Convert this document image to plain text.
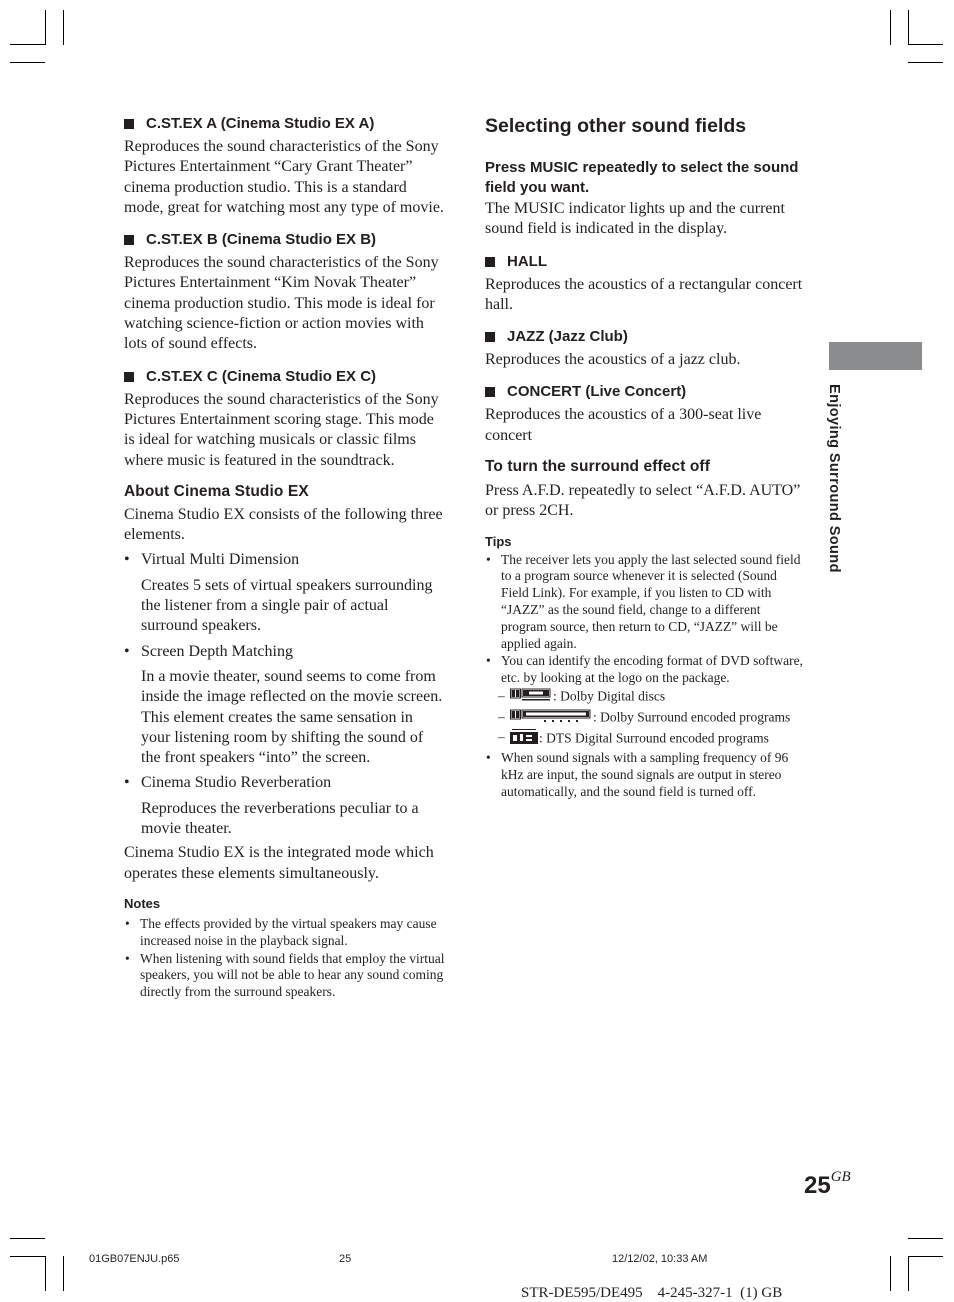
C.ST.EX A (Cinema Studio EX A)

Reproduces the sound characteristics of the Sony Pictures Entertainment “Cary Grant Theater” cinema production studio. This is a standard mode, great for watching most any type of movie.

C.ST.EX B (Cinema Studio EX B)

Reproduces the sound characteristics of the Sony Pictures Entertainment “Kim Novak Theater” cinema production studio. This mode is ideal for watching science-fiction or action movies with lots of sound effects.

C.ST.EX C (Cinema Studio EX C)

Reproduces the sound characteristics of the Sony Pictures Entertainment scoring stage. This mode is ideal for watching musicals or classic films where music is featured in the soundtrack.

About Cinema Studio EX

Cinema Studio EX consists of the following three elements.

• Virtual Multi Dimension

Creates 5 sets of virtual speakers surrounding the listener from a single pair of actual surround speakers.

• Screen Depth Matching

In a movie theater, sound seems to come from inside the image reflected on the movie screen. This element creates the same sensation in your listening room by shifting the sound of the front speakers “into” the screen.

• Cinema Studio Reverberation

Reproduces the reverberations peculiar to a movie theater.

Cinema Studio EX is the integrated mode which operates these elements simultaneously.

Notes
• The effects provided by the virtual speakers may cause increased noise in the playback signal.
• When listening with sound fields that employ the virtual speakers, you will not be able to hear any sound coming directly from the surround speakers.
Selecting other sound fields

Press MUSIC repeatedly to select the sound field you want.

The MUSIC indicator lights up and the current sound field is indicated in the display.

HALL

Reproduces the acoustics of a rectangular concert hall.

JAZZ (Jazz Club)

Reproduces the acoustics of a jazz club.

CONCERT (Live Concert)

Reproduces the acoustics of a 300-seat live concert

To turn the surround effect off

Press A.F.D. repeatedly to select “A.F.D. AUTO” or press 2CH.

Tips
• The receiver lets you apply the last selected sound field to a program source whenever it is selected (Sound Field Link). For example, if you listen to CD with “JAZZ” as the sound field, change to a different program source, then return to CD, “JAZZ” will be applied again.
• You can identify the encoding format of DVD software, etc. by looking at the logo on the package.
–	: Dolby Digital discs
–	: Dolby Surround encoded programs
–	: DTS Digital Surround encoded programs
• When sound signals with a sampling frequency of 96 kHz are input, the sound signals are output in stereo automatically, and the sound field is turned off.
Enjoying Surround Sound
$25^{GB}$
01GB07ENJU.p65	25	12/12/02, 10:33 AM
STR-DE595/DE495    4-245-327-1  (1) GB
